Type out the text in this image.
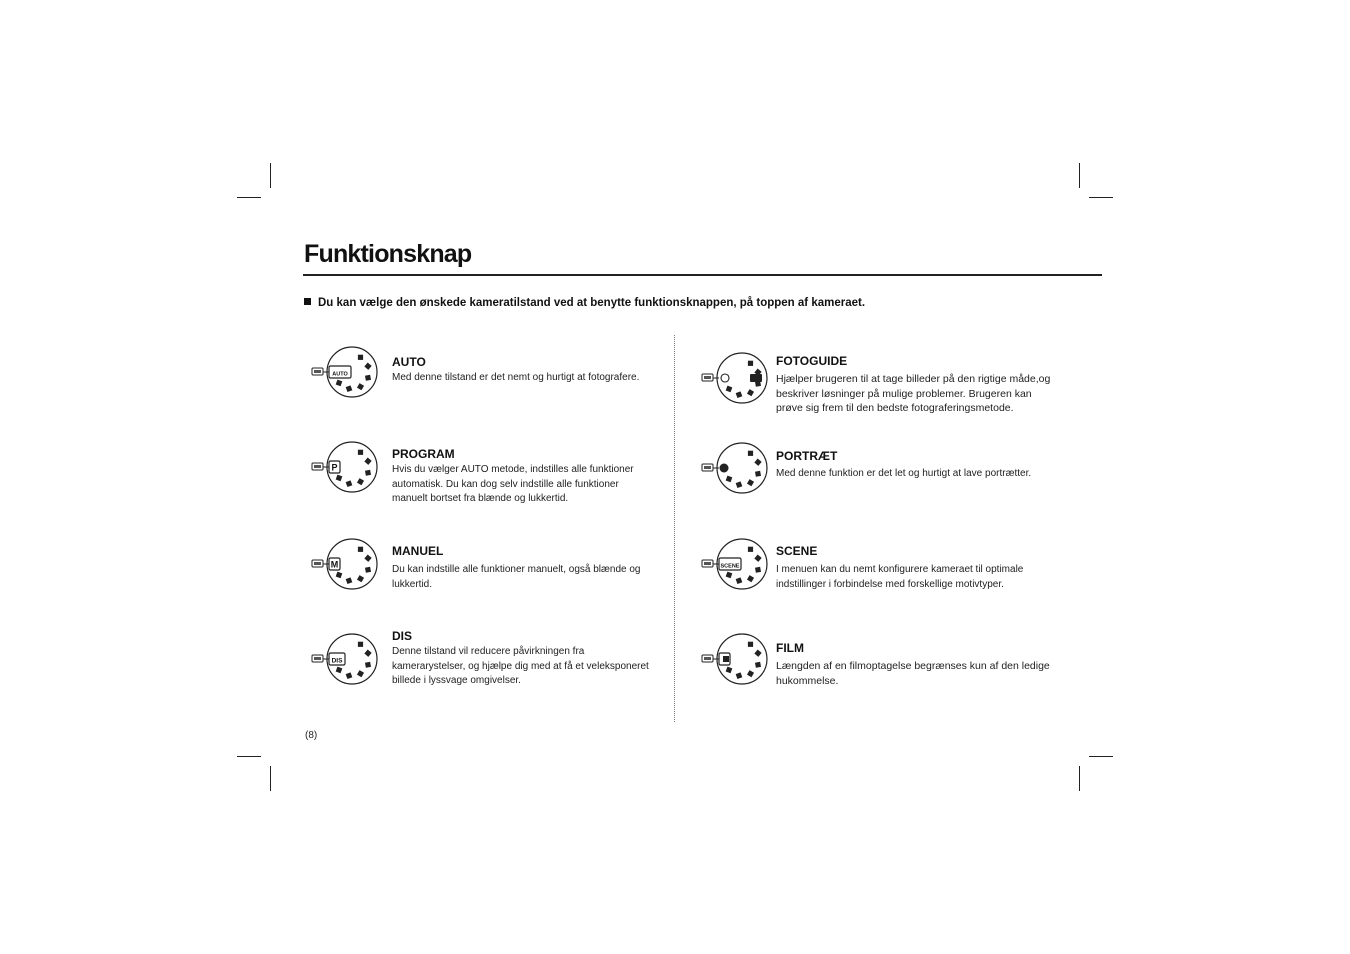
Funktionsknap
Du kan vælge den ønskede kameratilstand ved at benytte funktionsknappen, på toppen af kameraet.
AUTO
AUTO
Med denne tilstand er det nemt og hurtigt at fotografere.
P
PROGRAM
Hvis du vælger AUTO metode, indstilles alle funktioner automatisk. Du kan dog selv indstille alle funktioner manuelt bortset fra blænde og lukkertid.
M
MANUEL
Du kan indstille alle funktioner manuelt, også blænde og lukkertid.
DIS
DIS
Denne tilstand vil reducere påvirkningen fra kamerarystelser, og hjælpe dig med at få et veleksponeret billede i lyssvage omgivelser.
FOTOGUIDE
Hjælper brugeren til at tage billeder på den rigtige måde,og beskriver løsninger på mulige problemer. Brugeren kan prøve sig frem til den bedste fotograferingsmetode.
PORTRÆT
Med denne funktion er det let og hurtigt at lave portrætter.
SCENE
SCENE
I menuen kan du nemt konfigurere kameraet til optimale indstillinger i forbindelse med forskellige motivtyper.
FILM
Længden af en filmoptagelse begrænses kun af den ledige hukommelse.
(8)
